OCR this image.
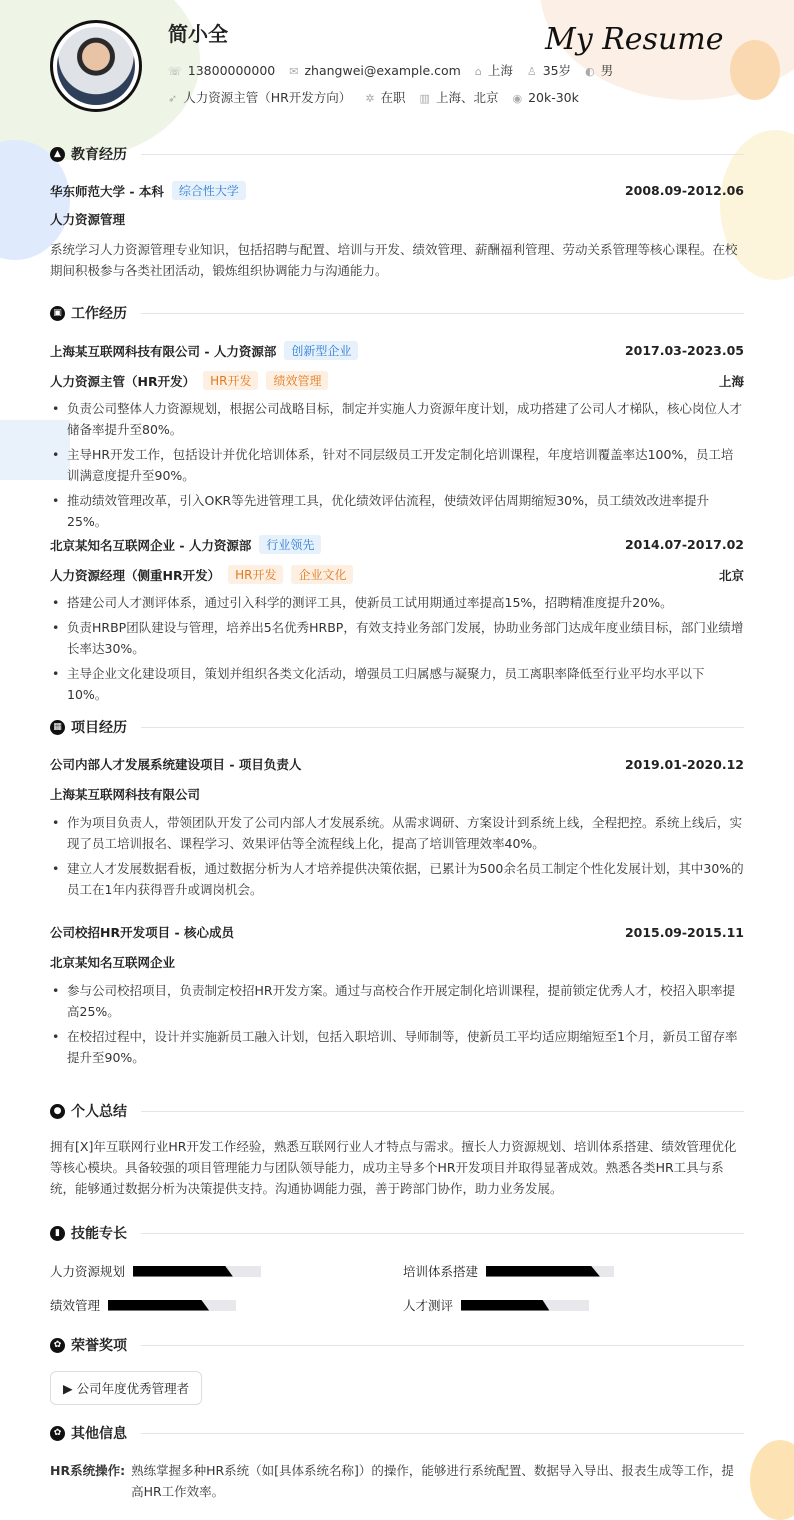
简小全	My Resume
☏ 13800000000 ✉ zhangwei@example.com ⌂ 上海 ♙ 35岁 ◐ 男
➶ 人力资源主管（HR开发方向） ✲ 在职 ▥ 上海、北京 ◉ 20k-30k
▲ 教育经历
华东师范大学 - 本科	综合性大学	2008.09-2012.06
人力资源管理
系统学习人力资源管理专业知识，包括招聘与配置、培训与开发、绩效管理、薪酬福利管理、劳动关系管理等核心课程。在校期间积极参与各类社团活动，锻炼组织协调能力与沟通能力。
▣ 工作经历
上海某互联网科技有限公司 - 人力资源部	创新型企业	2017.03-2023.05
人力资源主管（HR开发）	HR开发	绩效管理	上海
• 负责公司整体人力资源规划，根据公司战略目标，制定并实施人力资源年度计划，成功搭建了公司人才梯队，核心岗位人才储备率提升至80%。
• 主导HR开发工作，包括设计并优化培训体系，针对不同层级员工开发定制化培训课程，年度培训覆盖率达100%，员工培训满意度提升至90%。
• 推动绩效管理改革，引入OKR等先进管理工具，优化绩效评估流程，使绩效评估周期缩短30%，员工绩效改进率提升25%。
北京某知名互联网企业 - 人力资源部	行业领先	2014.07-2017.02
人力资源经理（侧重HR开发）	HR开发	企业文化	北京
• 搭建公司人才测评体系，通过引入科学的测评工具，使新员工试用期通过率提高15%，招聘精准度提升20%。
• 负责HRBP团队建设与管理，培养出5名优秀HRBP，有效支持业务部门发展，协助业务部门达成年度业绩目标，部门业绩增长率达30%。
• 主导企业文化建设项目，策划并组织各类文化活动，增强员工归属感与凝聚力，员工离职率降低至行业平均水平以下10%。
▦ 项目经历
公司内部人才发展系统建设项目 - 项目负责人	2019.01-2020.12
上海某互联网科技有限公司
• 作为项目负责人，带领团队开发了公司内部人才发展系统。从需求调研、方案设计到系统上线，全程把控。系统上线后，实现了员工培训报名、课程学习、效果评估等全流程线上化，提高了培训管理效率40%。
• 建立人才发展数据看板，通过数据分析为人才培养提供决策依据，已累计为500余名员工制定个性化发展计划，其中30%的员工在1年内获得晋升或调岗机会。
公司校招HR开发项目 - 核心成员	2015.09-2015.11
北京某知名互联网企业
• 参与公司校招项目，负责制定校招HR开发方案。通过与高校合作开展定制化培训课程，提前锁定优秀人才，校招入职率提高25%。
• 在校招过程中，设计并实施新员工融入计划，包括入职培训、导师制等，使新员工平均适应期缩短至1个月，新员工留存率提升至90%。
● 个人总结
拥有[X]年互联网行业HR开发工作经验，熟悉互联网行业人才特点与需求。擅长人力资源规划、培训体系搭建、绩效管理优化等核心模块。具备较强的项目管理能力与团队领导能力，成功主导多个HR开发项目并取得显著成效。熟悉各类HR工具与系统，能够通过数据分析为决策提供支持。沟通协调能力强，善于跨部门协作，助力业务发展。
▮ 技能专长
人力资源规划	培训体系搭建
绩效管理	人才测评
✿ 荣誉奖项
▶ 公司年度优秀管理者
✿ 其他信息
HR系统操作: 熟练掌握多种HR系统（如[具体系统名称]）的操作，能够进行系统配置、数据导入导出、报表生成等工作，提高HR工作效率。
